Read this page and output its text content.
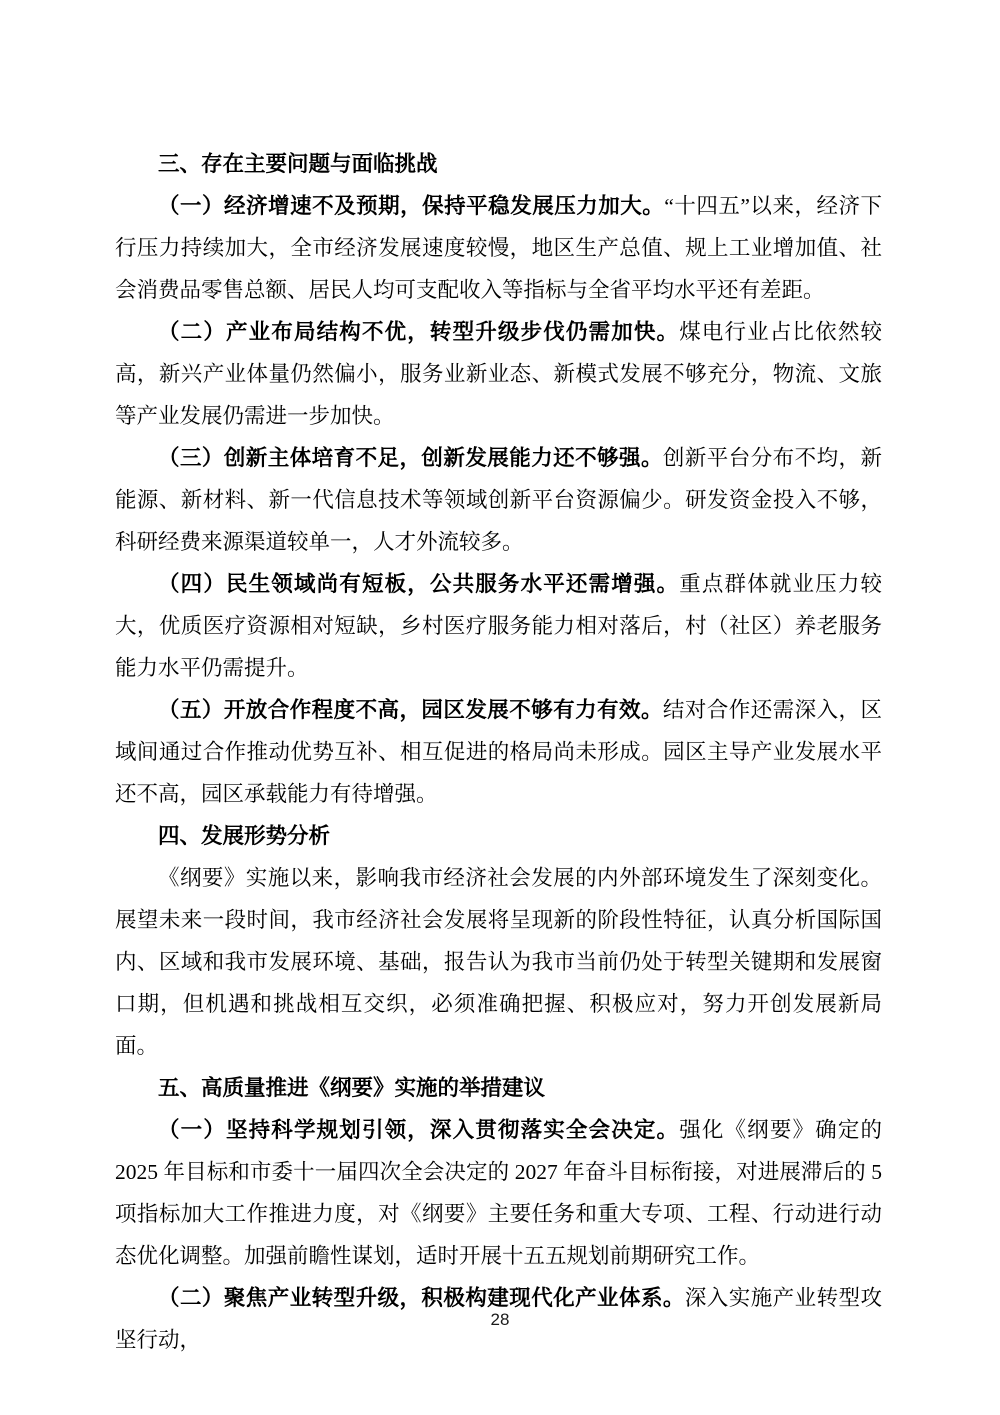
三、存在主要问题与面临挑战

（一）经济增速不及预期，保持平稳发展压力加大。“十四五”以来，经济下行压力持续加大，全市经济发展速度较慢，地区生产总值、规上工业增加值、社会消费品零售总额、居民人均可支配收入等指标与全省平均水平还有差距。

（二）产业布局结构不优，转型升级步伐仍需加快。煤电行业占比依然较高，新兴产业体量仍然偏小，服务业新业态、新模式发展不够充分，物流、文旅等产业发展仍需进一步加快。

（三）创新主体培育不足，创新发展能力还不够强。创新平台分布不均，新能源、新材料、新一代信息技术等领域创新平台资源偏少。研发资金投入不够，科研经费来源渠道较单一，人才外流较多。

（四）民生领域尚有短板，公共服务水平还需增强。重点群体就业压力较大，优质医疗资源相对短缺，乡村医疗服务能力相对落后，村（社区）养老服务能力水平仍需提升。

（五）开放合作程度不高，园区发展不够有力有效。结对合作还需深入，区域间通过合作推动优势互补、相互促进的格局尚未形成。园区主导产业发展水平还不高，园区承载能力有待增强。

四、发展形势分析

《纲要》实施以来，影响我市经济社会发展的内外部环境发生了深刻变化。展望未来一段时间，我市经济社会发展将呈现新的阶段性特征，认真分析国际国内、区域和我市发展环境、基础，报告认为我市当前仍处于转型关键期和发展窗口期，但机遇和挑战相互交织，必须准确把握、积极应对，努力开创发展新局面。

五、高质量推进《纲要》实施的举措建议

（一）坚持科学规划引领，深入贯彻落实全会决定。强化《纲要》确定的 2025 年目标和市委十一届四次全会决定的 2027 年奋斗目标衔接，对进展滞后的 5 项指标加大工作推进力度，对《纲要》主要任务和重大专项、工程、行动进行动态优化调整。加强前瞻性谋划，适时开展十五五规划前期研究工作。

（二）聚焦产业转型升级，积极构建现代化产业体系。深入实施产业转型攻坚行动，

28
